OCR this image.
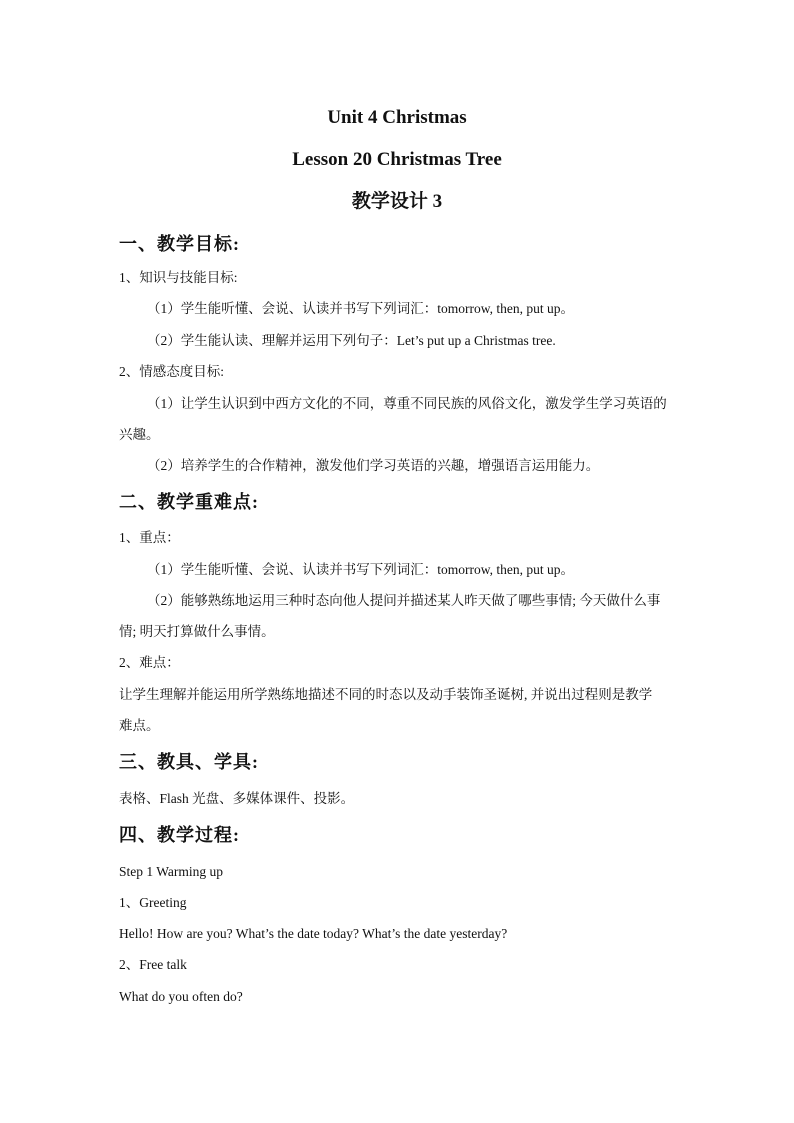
Unit 4 Christmas
Lesson 20 Christmas Tree
教学设计 3
一、教学目标:
1、知识与技能目标:
（1）学生能听懂、会说、认读并书写下列词汇：tomorrow, then, put up。
（2）学生能认读、理解并运用下列句子：Let’s put up a Christmas tree.
2、情感态度目标:
（1）让学生认识到中西方文化的不同，尊重不同民族的风俗文化，激发学生学习英语的
兴趣。
（2）培养学生的合作精神，激发他们学习英语的兴趣，增强语言运用能力。
二、教学重难点:
1、重点：
（1）学生能听懂、会说、认读并书写下列词汇：tomorrow, then, put up。
（2）能够熟练地运用三种时态向他人提问并描述某人昨天做了哪些事情; 今天做什么事
情; 明天打算做什么事情。
2、难点：
让学生理解并能运用所学熟练地描述不同的时态以及动手装饰圣诞树, 并说出过程则是教学
难点。
三、教具、学具:
表格、Flash 光盘、多媒体课件、投影。
四、教学过程:
Step 1 Warming up
1、Greeting
Hello! How are you? What’s the date today? What’s the date yesterday?
2、Free talk
What do you often do?
